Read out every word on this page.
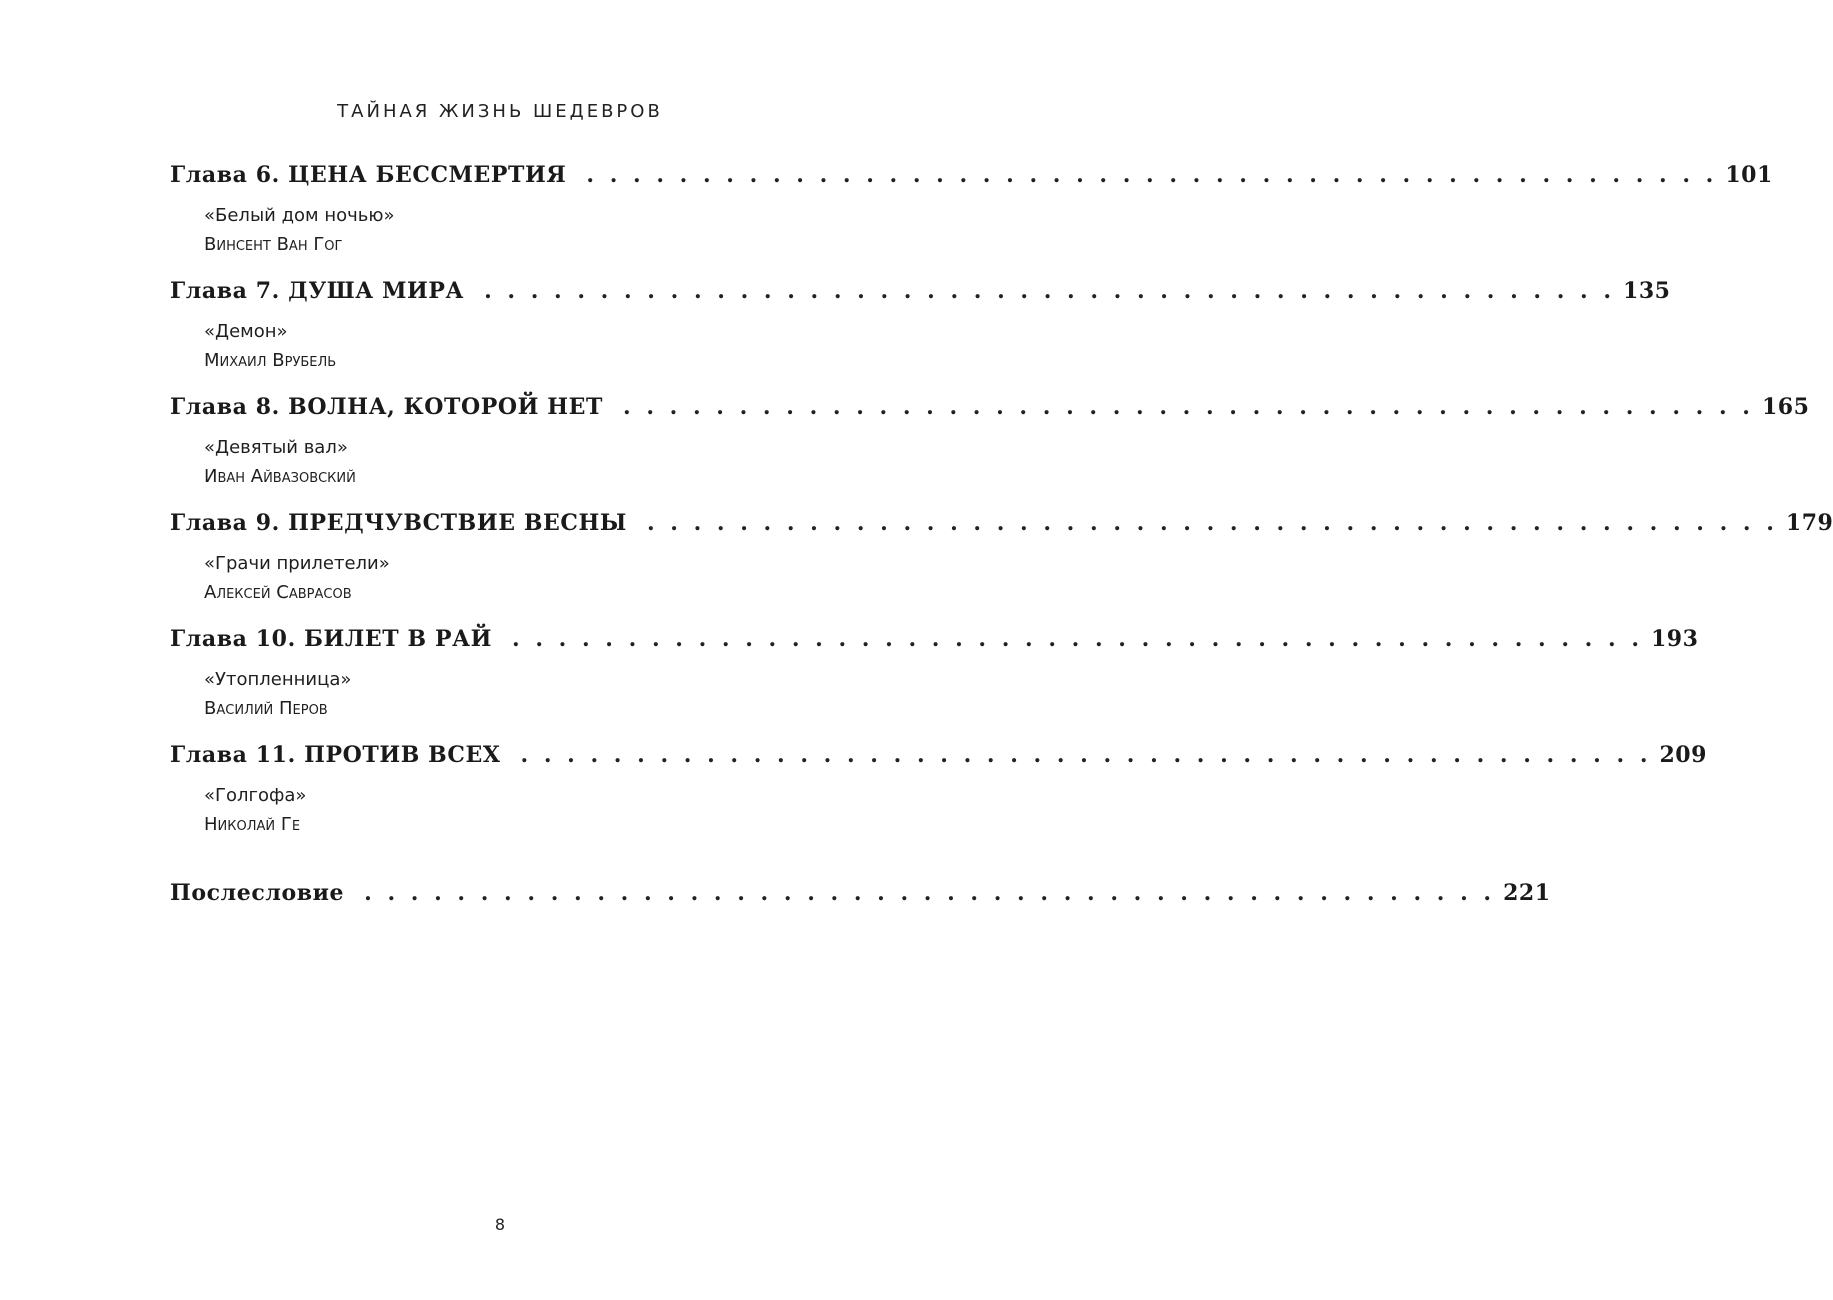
ТАЙНАЯ ЖИЗНЬ ШЕДЕВРОВ
Глава 6. ЦЕНА БЕССМЕРТИЯ . . . . . . . . . . . . . . . . . . . . . . . . . . . . . . . . . . . . . . . . . . . . . . . . . 101
«Белый дом ночью»
Винсент Ван Гог
Глава 7. ДУША МИРА . . . . . . . . . . . . . . . . . . . . . . . . . . . . . . . . . . . . . . . . . . . . . . . . . 135
«Демон»
Михаил Врубель
Глава 8. ВОЛНА, КОТОРОЙ НЕТ . . . . . . . . . . . . . . . . . . . . . . . . . . . . . . . . . . . . . . . . . . . . . . . . . 165
«Девятый вал»
Иван Айвазовский
Глава 9. ПРЕДЧУВСТВИЕ ВЕСНЫ . . . . . . . . . . . . . . . . . . . . . . . . . . . . . . . . . . . . . . . . . . . . . . . . . 179
«Грачи прилетели»
Алексей Саврасов
Глава 10. БИЛЕТ В РАЙ . . . . . . . . . . . . . . . . . . . . . . . . . . . . . . . . . . . . . . . . . . . . . . . . . 193
«Утопленница»
Василий Перов
Глава 11. ПРОТИВ ВСЕХ . . . . . . . . . . . . . . . . . . . . . . . . . . . . . . . . . . . . . . . . . . . . . . . . . 209
«Голгофа»
Николай Ге
Послесловие . . . . . . . . . . . . . . . . . . . . . . . . . . . . . . . . . . . . . . . . . . . . . . . . . 221
8
